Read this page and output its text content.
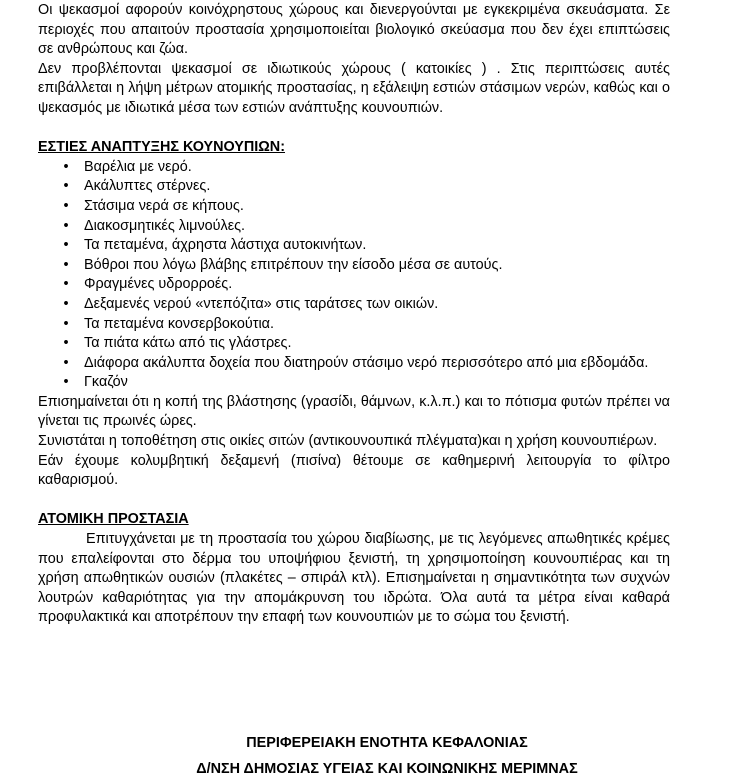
Οι ψεκασμοί αφορούν κοινόχρηστους χώρους και διενεργούνται με εγκεκριμένα σκευάσματα. Σε περιοχές που απαιτούν προστασία χρησιμοποιείται βιολογικό σκεύασμα που δεν έχει επιπτώσεις σε ανθρώπους και ζώα.

Δεν προβλέπονται ψεκασμοί σε ιδιωτικούς χώρους ( κατοικίες ) . Στις περιπτώσεις αυτές επιβάλλεται η λήψη μέτρων ατομικής προστασίας, η εξάλειψη εστιών στάσιμων νερών, καθώς και ο ψεκασμός με ιδιωτικά μέσα των εστιών ανάπτυξης κουνουπιών.

ΕΣΤΙΕΣ ΑΝΑΠΤΥΞΗΣ ΚΟΥΝΟΥΠΙΩΝ:

•	Βαρέλια με νερό.
•	Ακάλυπτες στέρνες.
•	Στάσιμα νερά σε κήπους.
•	Διακοσμητικές λιμνούλες.
•	Τα πεταμένα, άχρηστα λάστιχα αυτοκινήτων.
•	Βόθροι που λόγω βλάβης επιτρέπουν την είσοδο μέσα σε αυτούς.
•	Φραγμένες υδρορροές.
•	Δεξαμενές νερού «ντεπόζιτα» στις ταράτσες των οικιών.
•	Τα πεταμένα κονσερβοκούτια.
•	Τα πιάτα κάτω από τις γλάστρες.
•	Διάφορα ακάλυπτα δοχεία που διατηρούν στάσιμο νερό περισσότερο από μια εβδομάδα.
•	Γκαζόν

Επισημαίνεται ότι η κοπή της βλάστησης (γρασίδι, θάμνων, κ.λ.π.) και το πότισμα φυτών πρέπει να γίνεται τις πρωινές ώρες.

Συνιστάται η τοποθέτηση στις οικίες σιτών (αντικουνουπικά πλέγματα)και η χρήση κουνουπιέρων.

Εάν έχουμε κολυμβητική δεξαμενή (πισίνα) θέτουμε σε καθημερινή λειτουργία το φίλτρο καθαρισμού.

ΑΤΟΜΙΚΗ ΠΡΟΣΤΑΣΙΑ

Επιτυγχάνεται με τη προστασία του χώρου διαβίωσης, με τις λεγόμενες απωθητικές κρέμες που επαλείφονται στο δέρμα του υποψήφιου ξενιστή, τη χρησιμοποίηση κουνουπιέρας και τη χρήση απωθητικών ουσιών (πλακέτες – σπιράλ κτλ). Επισημαίνεται η σημαντικότητα των συχνών λουτρών καθαριότητας για την απομάκρυνση του ιδρώτα. Όλα αυτά τα μέτρα είναι καθαρά προφυλακτικά και αποτρέπουν την επαφή των κουνουπιών με το σώμα του ξενιστή.

ΠΕΡΙΦΕΡΕΙΑΚΗ ΕΝΟΤΗΤΑ ΚΕΦΑΛΟΝΙΑΣ
Δ/ΝΣΗ ΔΗΜΟΣΙΑΣ ΥΓΕΙΑΣ ΚΑΙ ΚΟΙΝΩΝΙΚΗΣ ΜΕΡΙΜΝΑΣ
